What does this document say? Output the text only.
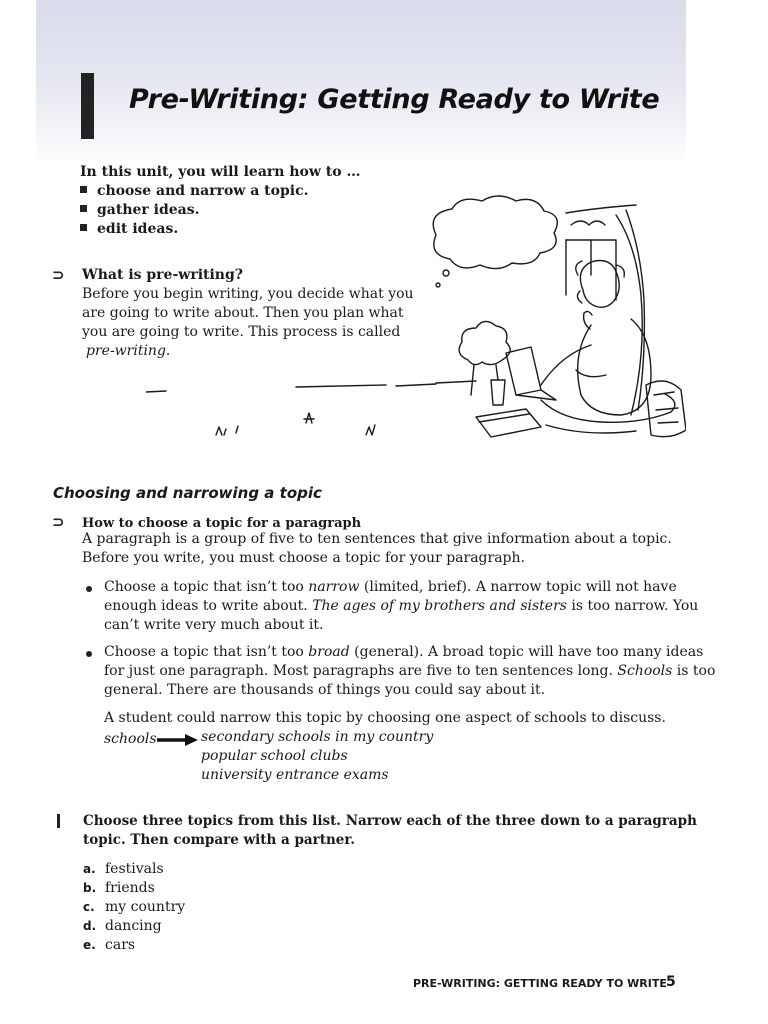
Pre-Writing: Getting Ready to Write
In this unit, you will learn how to …
choose and narrow a topic.
gather ideas.
edit ideas.
⊃ What is pre-writing?
Before you begin writing, you decide what you
are going to write about. Then you plan what
you are going to write. This process is called
pre-writing.
Choosing and narrowing a topic
⊃ How to choose a topic for a paragraph
A paragraph is a group of five to ten sentences that give information about a topic.
Before you write, you must choose a topic for your paragraph.
Choose a topic that isn’t too narrow (limited, brief). A narrow topic will not have
enough ideas to write about. The ages of my brothers and sisters is too narrow. You
can’t write very much about it.
Choose a topic that isn’t too broad (general). A broad topic will have too many ideas
for just one paragraph. Most paragraphs are five to ten sentences long. Schools is too
general. There are thousands of things you could say about it.
A student could narrow this topic by choosing one aspect of schools to discuss.
schools	secondary schools in my country
popular school clubs
university entrance exams
Choose three topics from this list. Narrow each of the three down to a paragraph
topic. Then compare with a partner.
a. festivals
b. friends
c. my country
d. dancing
e. cars
PRE-WRITING: GETTING READY TO WRITE 5
